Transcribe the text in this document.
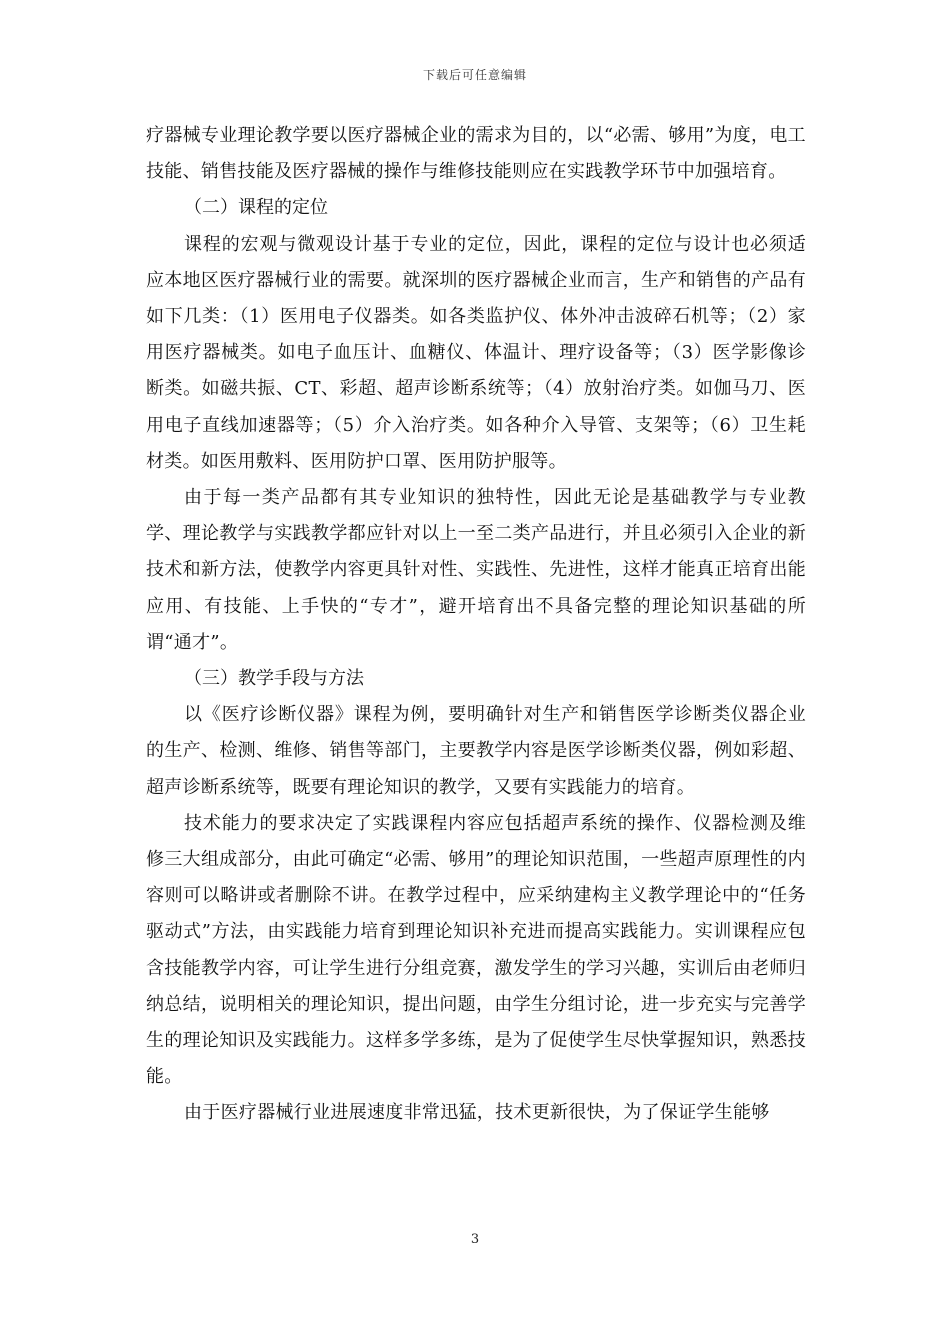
下载后可任意编辑

疗器械专业理论教学要以医疗器械企业的需求为目的，以“必需、够用”为度，电工技能、销售技能及医疗器械的操作与维修技能则应在实践教学环节中加强培育。

（二）课程的定位

课程的宏观与微观设计基于专业的定位，因此，课程的定位与设计也必须适应本地区医疗器械行业的需要。就深圳的医疗器械企业而言，生产和销售的产品有如下几类：（1）医用电子仪器类。如各类监护仪、体外冲击波碎石机等；（2）家用医疗器械类。如电子血压计、血糖仪、体温计、理疗设备等；（3）医学影像诊断类。如磁共振、CT、彩超、超声诊断系统等；（4）放射治疗类。如伽马刀、医用电子直线加速器等；（5）介入治疗类。如各种介入导管、支架等；（6）卫生耗材类。如医用敷料、医用防护口罩、医用防护服等。

由于每一类产品都有其专业知识的独特性，因此无论是基础教学与专业教学、理论教学与实践教学都应针对以上一至二类产品进行，并且必须引入企业的新技术和新方法，使教学内容更具针对性、实践性、先进性，这样才能真正培育出能应用、有技能、上手快的“专才”，避开培育出不具备完整的理论知识基础的所谓“通才”。

（三）教学手段与方法

以《医疗诊断仪器》课程为例，要明确针对生产和销售医学诊断类仪器企业的生产、检测、维修、销售等部门，主要教学内容是医学诊断类仪器，例如彩超、超声诊断系统等，既要有理论知识的教学，又要有实践能力的培育。

技术能力的要求决定了实践课程内容应包括超声系统的操作、仪器检测及维修三大组成部分，由此可确定“必需、够用”的理论知识范围，一些超声原理性的内容则可以略讲或者删除不讲。在教学过程中，应采纳建构主义教学理论中的“任务驱动式”方法，由实践能力培育到理论知识补充进而提高实践能力。实训课程应包含技能教学内容，可让学生进行分组竞赛，激发学生的学习兴趣，实训后由老师归纳总结，说明相关的理论知识，提出问题，由学生分组讨论，进一步充实与完善学生的理论知识及实践能力。这样多学多练，是为了促使学生尽快掌握知识，熟悉技能。

由于医疗器械行业进展速度非常迅猛，技术更新很快，为了保证学生能够

3
